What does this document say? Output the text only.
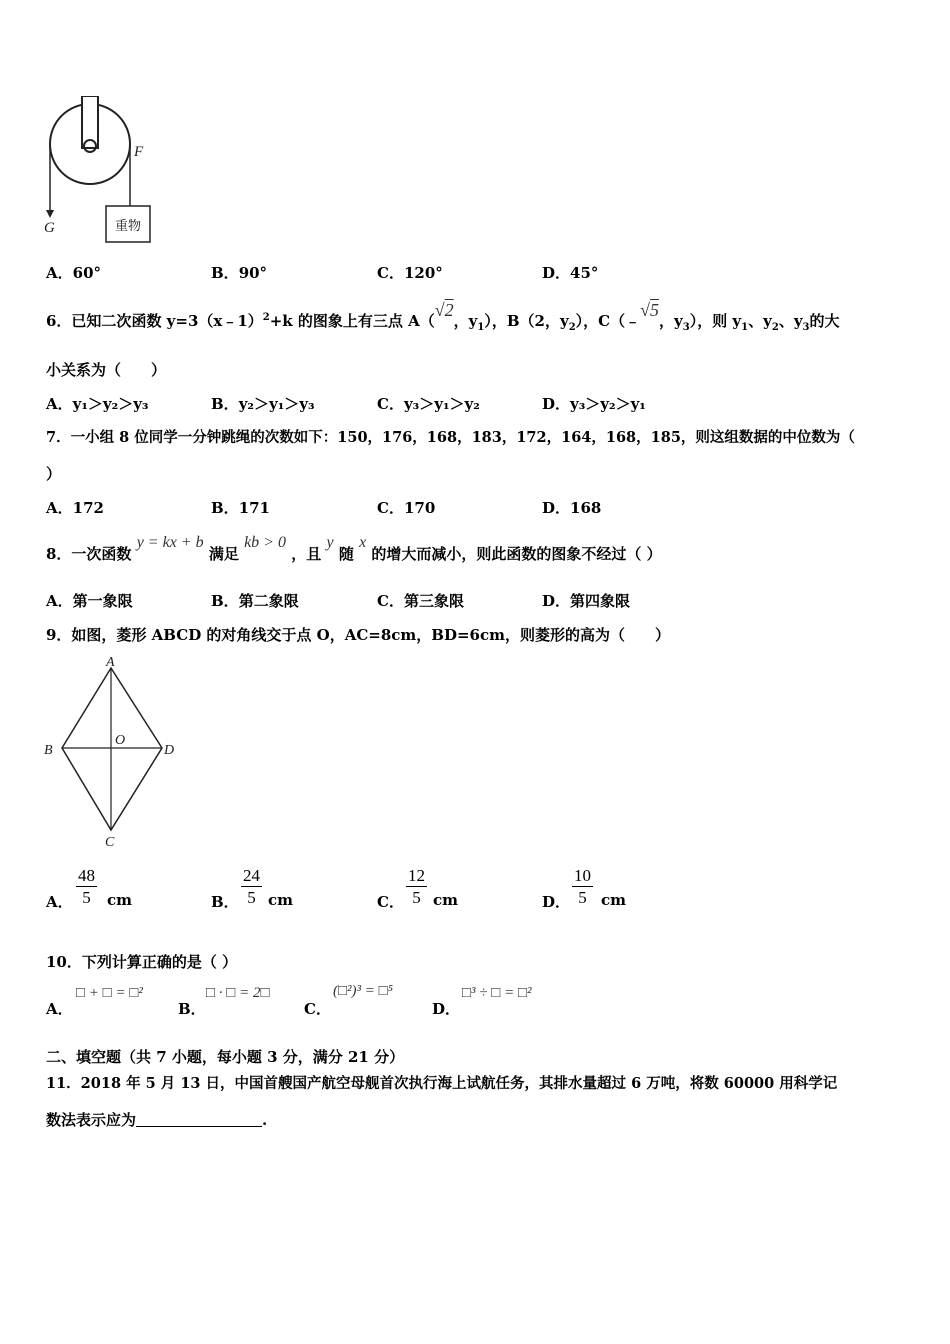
重物
F
G
A．60°	B．90°	C．120°	D．45°
6．已知二次函数 y=3（x﹣1）$^2$+k 的图象上有三点 A（√2，$y_1$），B（2，$y_2$），C（﹣√5，$y_3$），则 $y_1$、$y_2$、$y_3$的大
小关系为（　　）
A．y₁＞y₂＞y₃	B．y₂＞y₁＞y₃	C．y₃＞y₁＞y₂	D．y₃＞y₂＞y₁
7．一小组 8 位同学一分钟跳绳的次数如下：150，176，168，183，172，164，168，185，则这组数据的中位数为（
）
A．172	B．171	C．170	D．168
8．一次函数 y = kx + b 满足 kb > 0 ，且 y 随 x 的增大而减小，则此函数的图象不经过（ ）
A．第一象限	B．第二象限	C．第三象限	D．第四象限
9．如图，菱形 ABCD 的对角线交于点 O，AC=8cm，BD=6cm，则菱形的高为（　　）
A
B
C
D
O
A． $\frac{48}{5}$ cm	B． $\frac{24}{5}$ cm	C． $\frac{12}{5}$ cm	D． $\frac{10}{5}$ cm
10．下列计算正确的是（ ）
A．
□ + □ = □²
B．
□ · □ = 2□
C．
(□²)³ = □⁵
D．
□³ ÷ □ = □²
二、填空题（共 7 小题，每小题 3 分，满分 21 分）
11．2018 年 5 月 13 日，中国首艘国产航空母舰首次执行海上试航任务，其排水量超过 6 万吨，将数 60000 用科学记
数法表示应为	.
